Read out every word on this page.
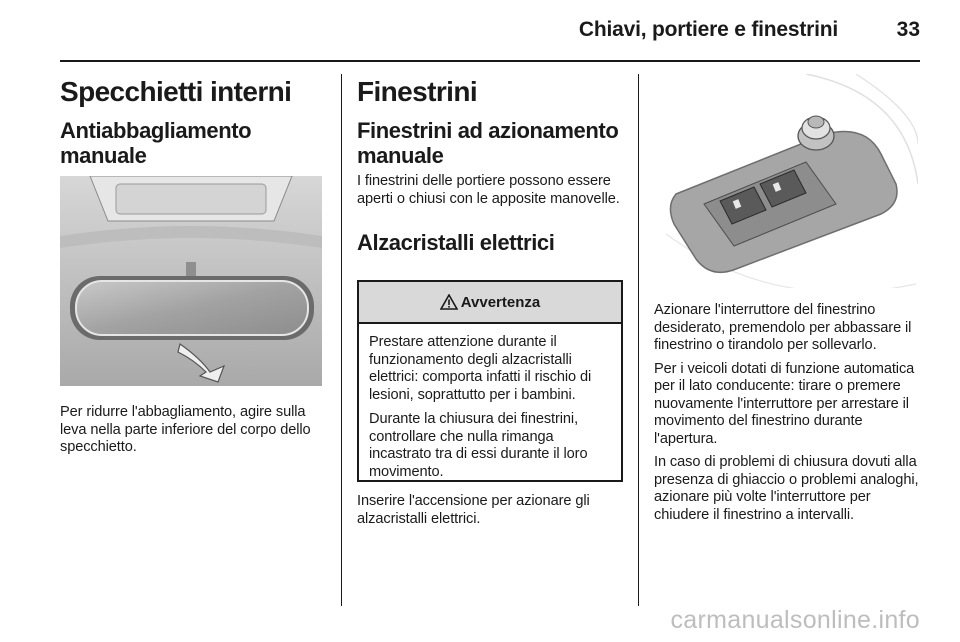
Chiavi, portiere e finestrini	33
Specchietti interni
Antiabbagliamento manuale

Per ridurre l'abbagliamento, agire sulla leva nella parte inferiore del corpo dello specchietto.

Finestrini
Finestrini ad azionamento manuale

I finestrini delle portiere possono essere aperti o chiusi con le apposite manovelle.

Alzacristalli elettrici
Avvertenza

Prestare attenzione durante il funzionamento degli alzacristalli elettrici: comporta infatti il rischio di lesioni, soprattutto per i bambini.

Durante la chiusura dei finestrini, controllare che nulla rimanga incastrato tra di essi durante il loro movimento.

Inserire l'accensione per azionare gli alzacristalli elettrici.

Azionare l'interruttore del finestrino desiderato, premendolo per abbassare il finestrino o tirandolo per sollevarlo.

Per i veicoli dotati di funzione automatica per il lato conducente: tirare o premere nuovamente l'interruttore per arrestare il movimento del finestrino durante l'apertura.

In caso di problemi di chiusura dovuti alla presenza di ghiaccio o problemi analoghi, azionare più volte l'interruttore per chiudere il finestrino a intervalli.

carmanualsonline.info
